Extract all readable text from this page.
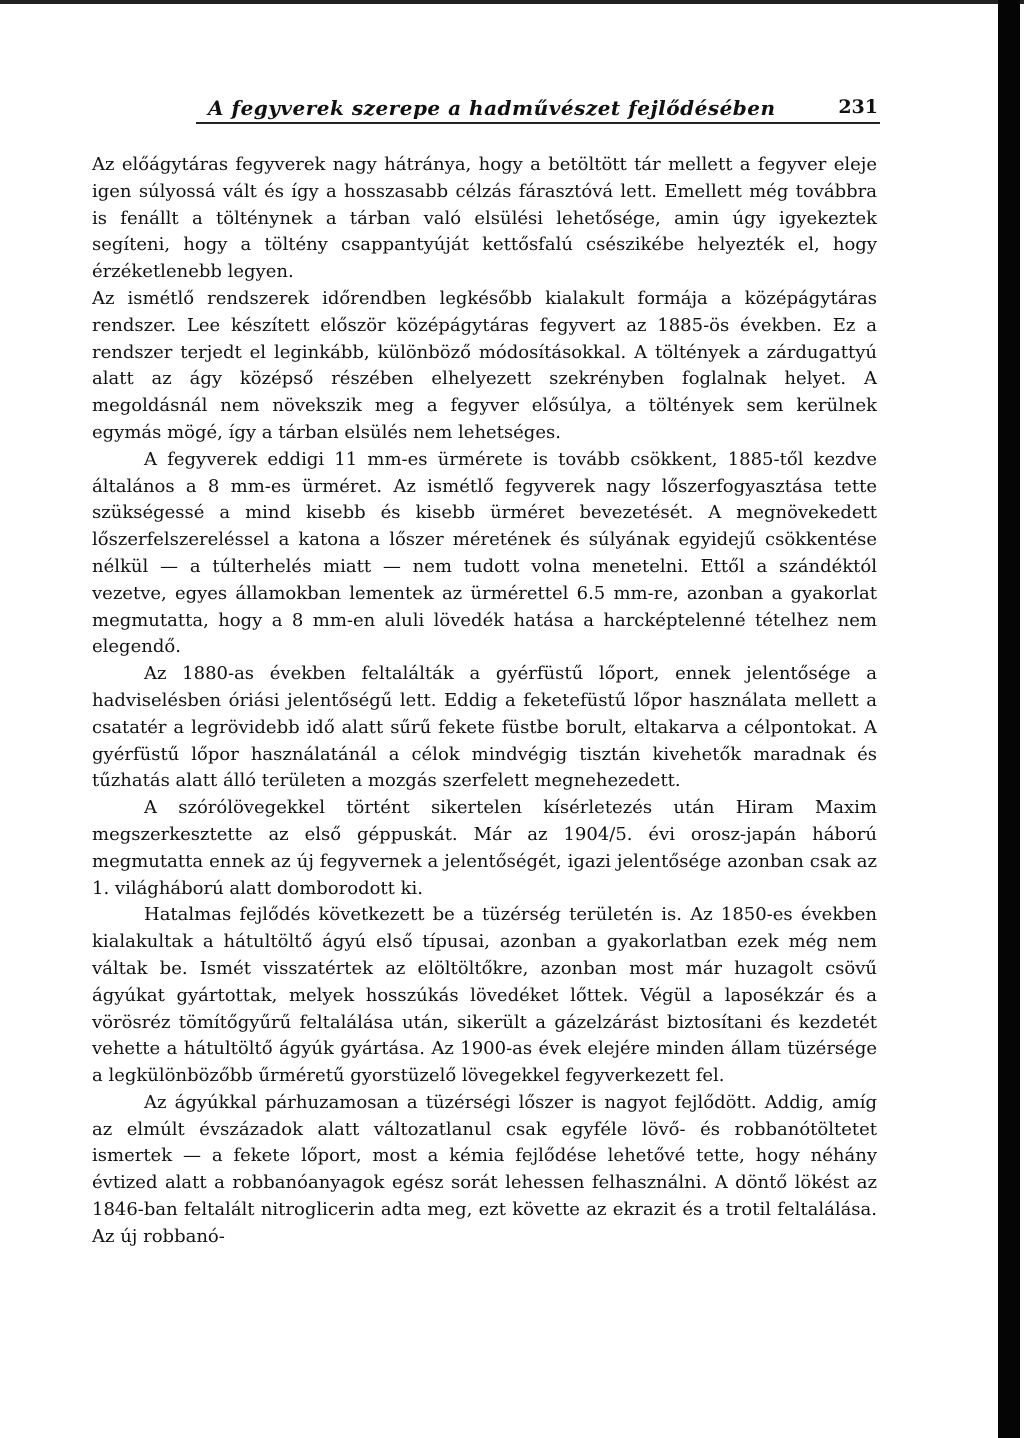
A fegyverek szerepe a hadművészet fejlődésében	231

Az előágytáras fegyverek nagy hátránya, hogy a betöltött tár mellett a fegyver eleje igen súlyossá vált és így a hosszasabb célzás fárasztóvá lett. Emellett még továbbra is fenállt a tölténynek a tárban való elsülési lehetősége, amin úgy igyekeztek segíteni, hogy a töltény csappantyúját kettősfalú csészikébe helyezték el, hogy érzéketlenebb legyen.

Az ismétlő rendszerek időrendben legkésőbb kialakult formája a középágytáras rendszer. Lee készített először középágytáras fegyvert az 1885-ös években. Ez a rendszer terjedt el leginkább, különböző módosításokkal. A töltények a zárdugattyú alatt az ágy középső részében elhelyezett szekrényben foglalnak helyet. A megoldásnál nem növekszik meg a fegyver elősúlya, a töltények sem kerülnek egymás mögé, így a tárban elsülés nem lehetséges.

A fegyverek eddigi 11 mm-es ürmérete is tovább csökkent, 1885-től kezdve általános a 8 mm-es ürméret. Az ismétlő fegyverek nagy lőszerfogyasztása tette szükségessé a mind kisebb és kisebb ürméret bevezetését. A megnövekedett lőszerfelszereléssel a katona a lőszer méretének és súlyának egyidejű csökkentése nélkül — a túlterhelés miatt — nem tudott volna menetelni. Ettől a szándéktól vezetve, egyes államokban lementek az ürmérettel 6.5 mm-re, azonban a gyakorlat megmutatta, hogy a 8 mm-en aluli lövedék hatása a harcképtelenné tételhez nem elegendő.

Az 1880-as években feltalálták a gyérfüstű lőport, ennek jelentősége a hadviselésben óriási jelentőségű lett. Eddig a feketefüstű lőpor használata mellett a csatatér a legrövidebb idő alatt sűrű fekete füstbe borult, eltakarva a célpontokat. A gyérfüstű lőpor használatánál a célok mindvégig tisztán kivehetők maradnak és tűzhatás alatt álló területen a mozgás szerfelett megnehezedett.

A szórólövegekkel történt sikertelen kísérletezés után Hiram Maxim megszerkesztette az első géppuskát. Már az 1904/5. évi orosz-japán háború megmutatta ennek az új fegyvernek a jelentőségét, igazi jelentősége azonban csak az 1. világháború alatt domborodott ki.

Hatalmas fejlődés következett be a tüzérség területén is. Az 1850-es években kialakultak a hátultöltő ágyú első típusai, azonban a gyakorlatban ezek még nem váltak be. Ismét visszatértek az elöltöltőkre, azonban most már huzagolt csövű ágyúkat gyártottak, melyek hosszúkás lövedéket lőttek. Végül a laposékzár és a vörösréz tömítőgyűrű feltalálása után, sikerült a gázelzárást biztosítani és kezdetét vehette a hátultöltő ágyúk gyártása. Az 1900-as évek elejére minden állam tüzérsége a legkülönbözőbb űrméretű gyorstüzelő lövegekkel fegyverkezett fel.

Az ágyúkkal párhuzamosan a tüzérségi lőszer is nagyot fejlődött. Addig, amíg az elmúlt évszázadok alatt változatlanul csak egyféle lövő- és robbanótöltetet ismertek — a fekete lőport, most a kémia fejlődése lehetővé tette, hogy néhány évtized alatt a robbanóanyagok egész sorát lehessen felhasználni. A döntő lökést az 1846-ban feltalált nitroglicerin adta meg, ezt követte az ekrazit és a trotil feltalálása. Az új robbanó-
